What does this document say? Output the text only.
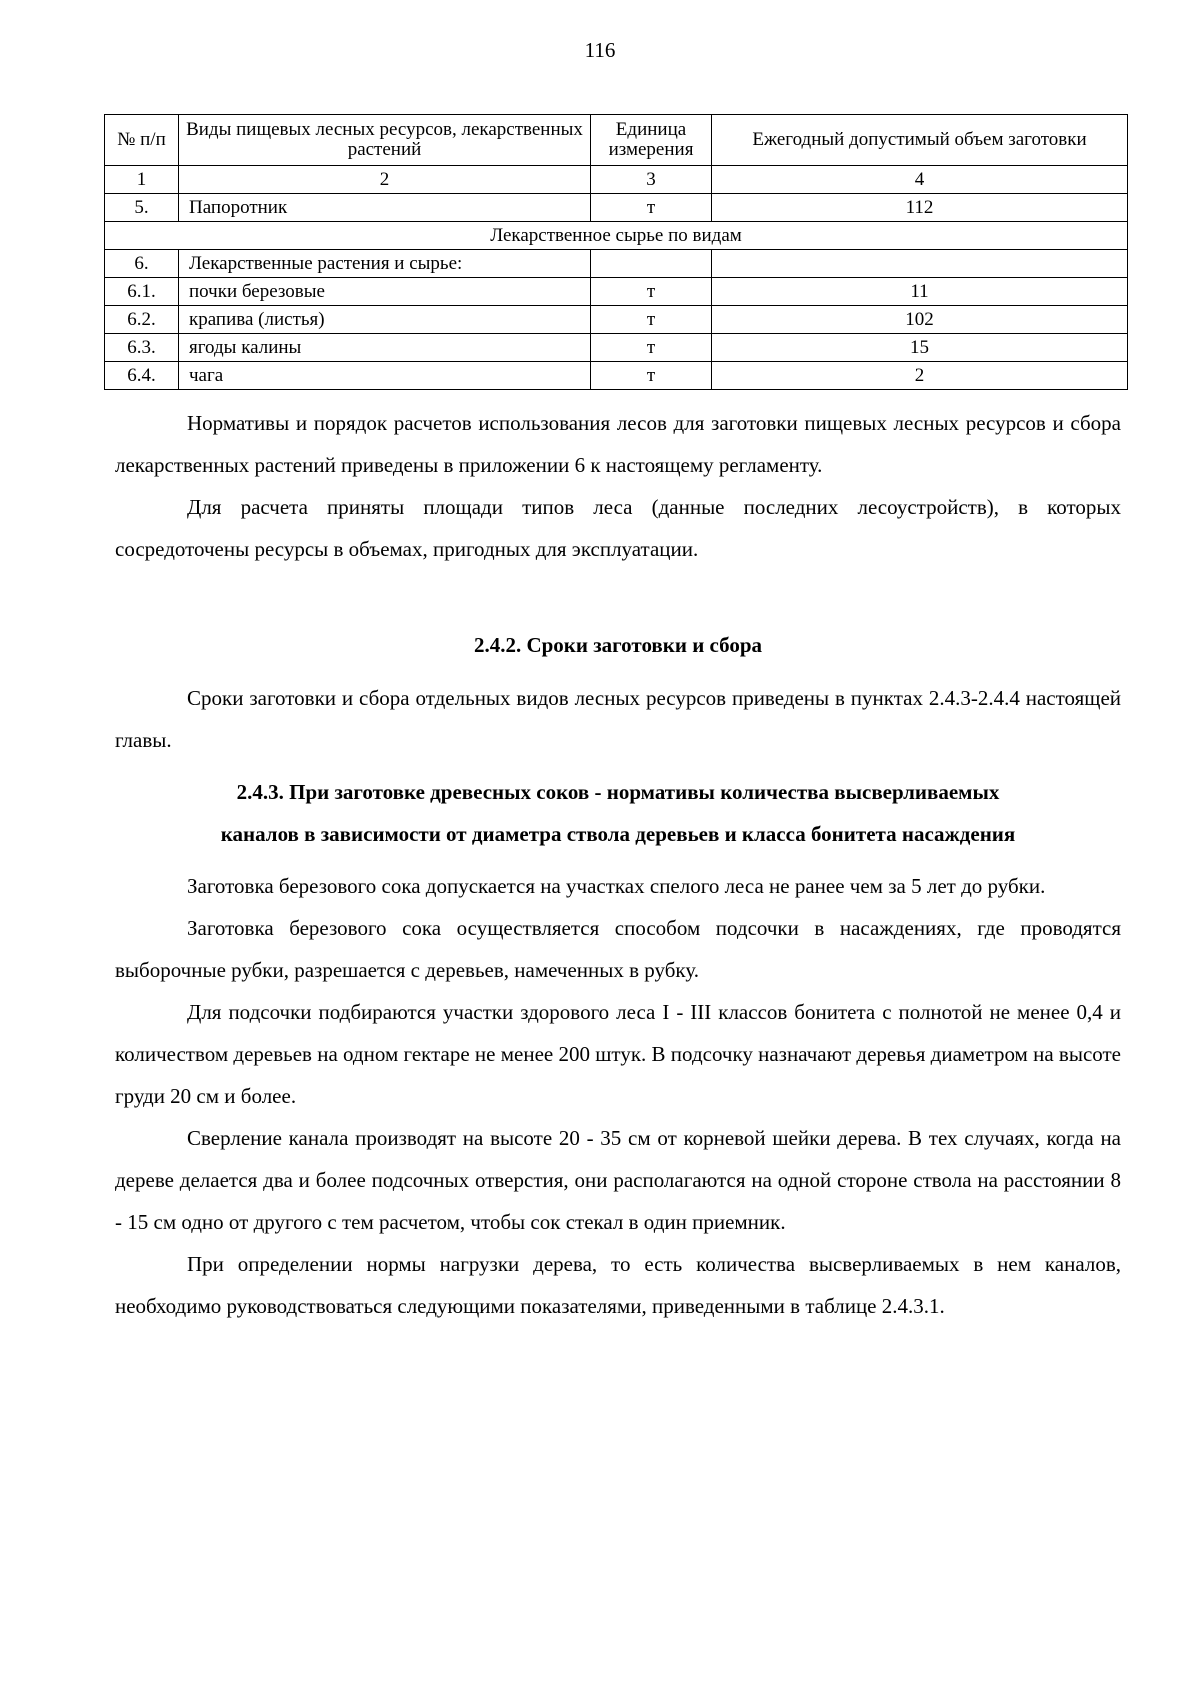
116
№ п/п	Виды пищевых лесных ресурсов, лекарственных растений	Единица измерения	Ежегодный допустимый объем заготовки
1	2	3	4
5.	Папоротник	т	112
Лекарственное сырье по видам			
6.	Лекарственные растения и сырье:		
6.1.	почки березовые	т	11
6.2.	крапива (листья)	т	102
6.3.	ягоды калины	т	15
6.4.	чага	т	2

Нормативы и порядок расчетов использования лесов для заготовки пищевых лесных ресурсов и сбора лекарственных растений приведены в приложении 6 к настоящему регламенту.

Для расчета приняты площади типов леса (данные последних лесоустройств), в которых сосредоточены ресурсы в объемах, пригодных для эксплуатации.

2.4.2. Сроки заготовки и сбора

Сроки заготовки и сбора отдельных видов лесных ресурсов приведены в пунктах 2.4.3-2.4.4 настоящей главы.

2.4.3. При заготовке древесных соков - нормативы количества высверливаемых

каналов в зависимости от диаметра ствола деревьев и класса бонитета насаждения

Заготовка березового сока допускается на участках спелого леса не ранее чем за 5 лет до рубки.

Заготовка березового сока осуществляется способом подсочки в насаждениях, где проводятся выборочные рубки, разрешается с деревьев, намеченных в рубку.

Для подсочки подбираются участки здорового леса I - III классов бонитета с полнотой не менее 0,4 и количеством деревьев на одном гектаре не менее 200 штук. В подсочку назначают деревья диаметром на высоте груди 20 см и более.

Сверление канала производят на высоте 20 - 35 см от корневой шейки дерева. В тех случаях, когда на дереве делается два и более подсочных отверстия, они располагаются на одной стороне ствола на расстоянии 8 - 15 см одно от другого с тем расчетом, чтобы сок стекал в один приемник.

При определении нормы нагрузки дерева, то есть количества высверливаемых в нем каналов, необходимо руководствоваться следующими показателями, приведенными в таблице 2.4.3.1.
